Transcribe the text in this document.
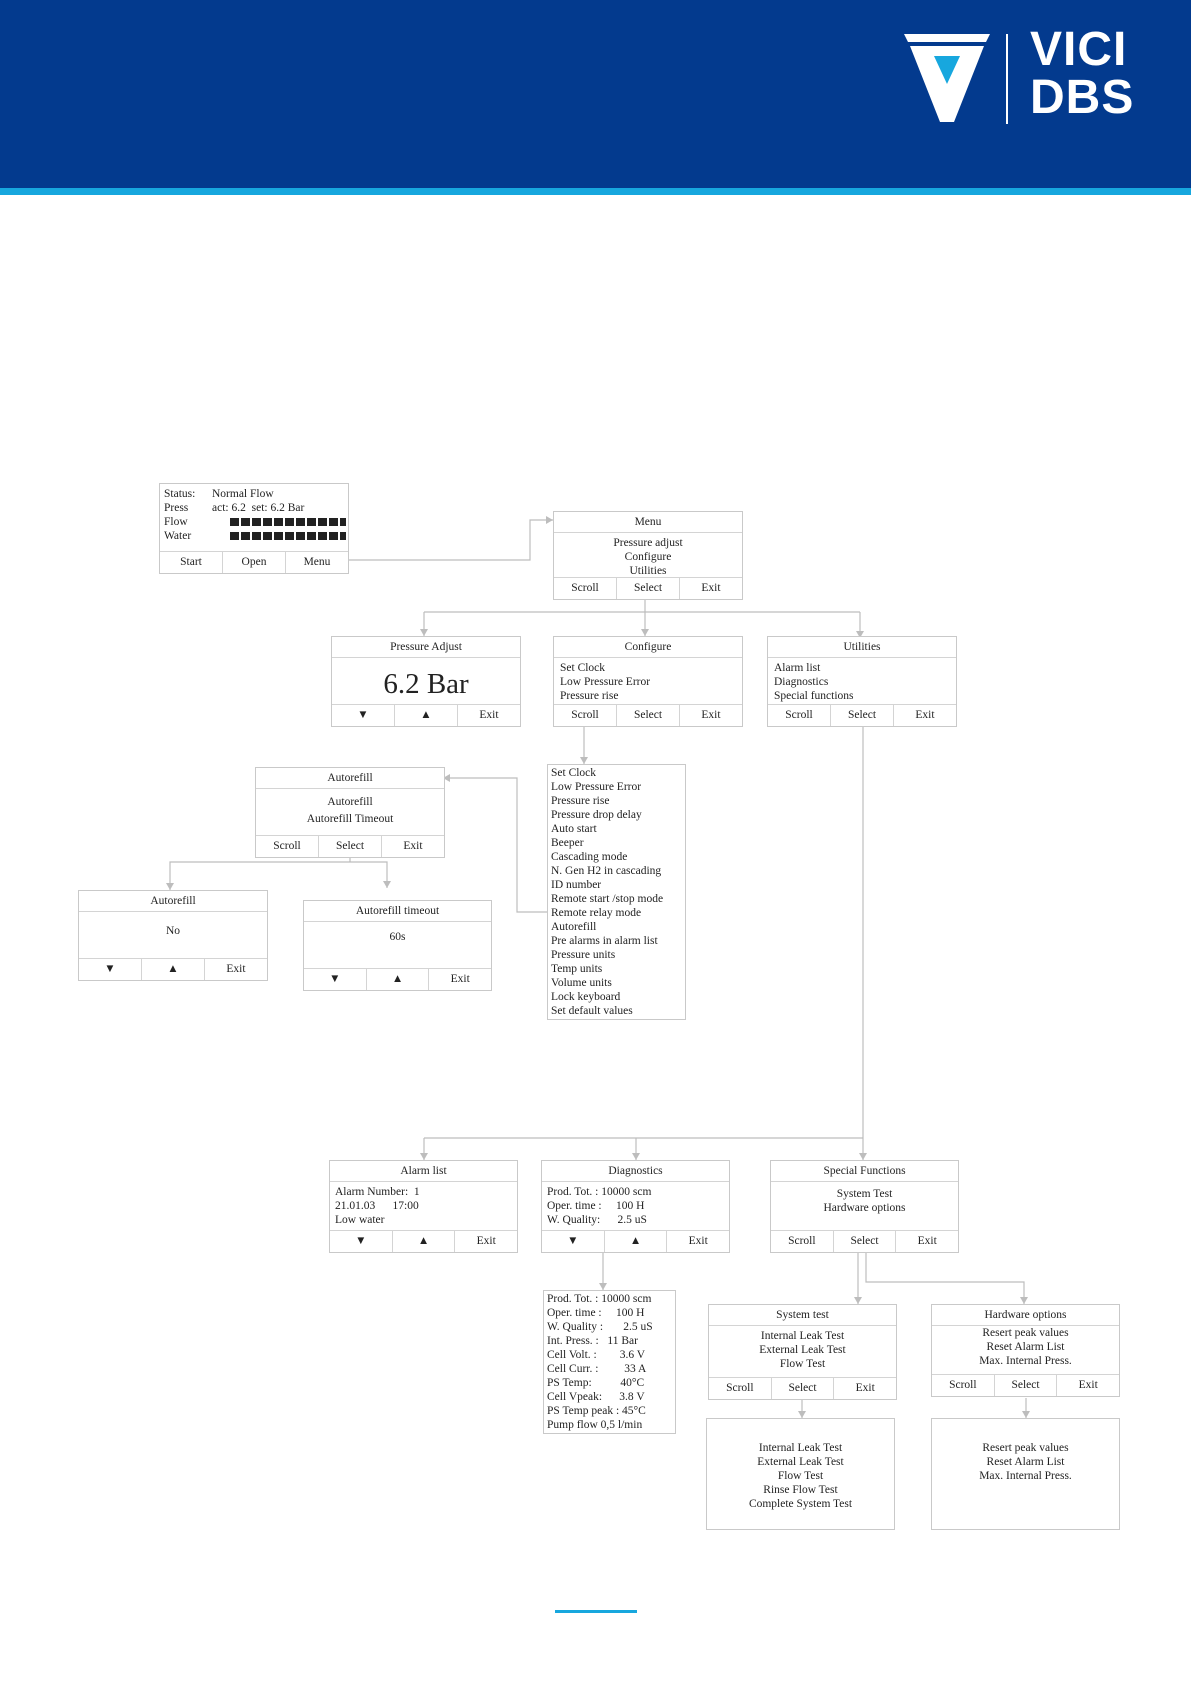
VICI
DBS
Status: Normal Flow
Press act: 6.2 set: 6.2 Bar
Flow
Water
Start	Open	Menu
Menu
Pressure adjust
Configure
Utilities
Scroll	Select	Exit
Pressure Adjust
6.2 Bar
▼	▲	Exit
Configure
Set Clock
Low Pressure Error
Pressure rise
Scroll	Select	Exit
Utilities
Alarm list
Diagnostics
Special functions
Scroll	Select	Exit
Set Clock
Low Pressure Error
Pressure rise
Pressure drop delay
Auto start
Beeper
Cascading mode
N. Gen H2 in cascading
ID number
Remote start /stop mode
Remote relay mode
Autorefill
Pre alarms in alarm list
Pressure units
Temp units
Volume units
Lock keyboard
Set default values
Autorefill
Autorefill
Autorefill Timeout
Scroll	Select	Exit
Autorefill
No
▼	▲	Exit
Autorefill timeout
60s
▼	▲	Exit
Alarm list
Alarm Number:  1
21.01.03      17:00
Low water
▼	▲	Exit
Diagnostics
Prod. Tot. : 10000 scm
Oper. time :     100 H
W. Quality:      2.5 uS
▼	▲	Exit
Special Functions
System Test
Hardware options
Scroll	Select	Exit
Prod. Tot. : 10000 scm
Oper. time :     100 H
W. Quality :       2.5 uS
Int. Press. :   11 Bar
Cell Volt. :        3.6 V
Cell Curr. :         33 A
PS Temp:          40°C
Cell Vpeak:      3.8 V
PS Temp peak : 45°C
Pump flow 0,5 l/min
System test
Internal Leak Test
External Leak Test
Flow Test
Scroll	Select	Exit
Hardware options
Resert peak values
Reset Alarm List
Max. Internal Press.
Scroll	Select	Exit
Internal Leak Test
External Leak Test
Flow Test
Rinse Flow Test
Complete System Test
Resert peak values
Reset Alarm List
Max. Internal Press.
